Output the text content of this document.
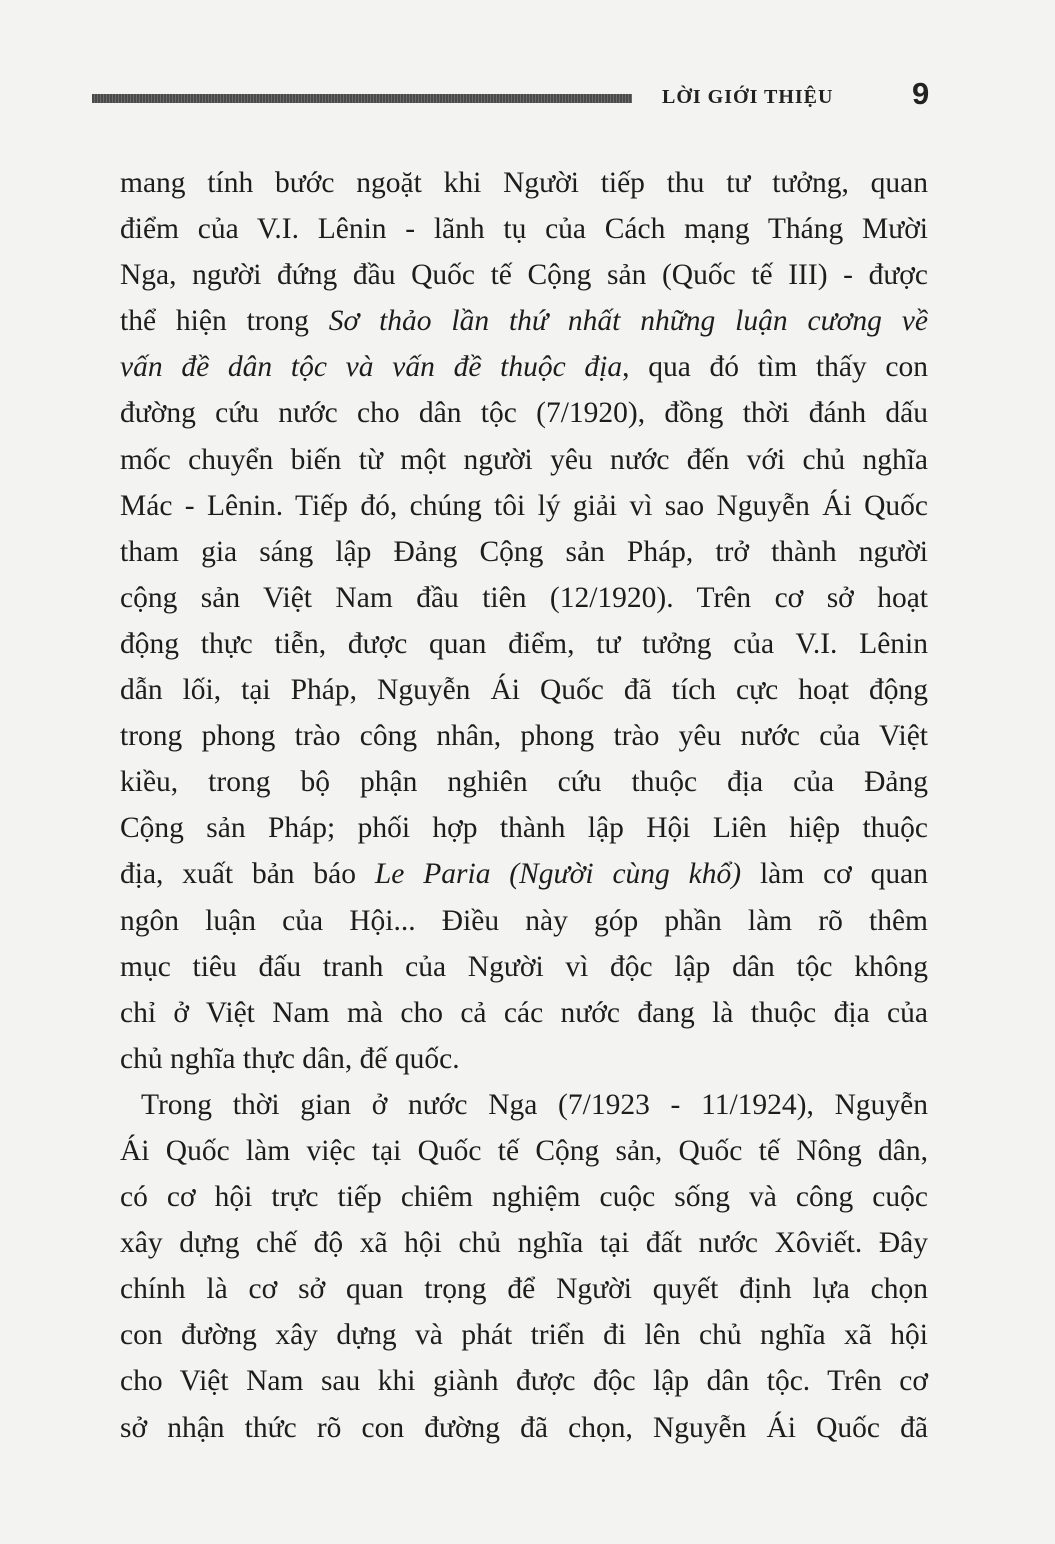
LỜI GIỚI THIỆU	9
mang tính bước ngoặt khi Người tiếp thu tư tưởng, quan
điểm của V.I. Lênin - lãnh tụ của Cách mạng Tháng Mười
Nga, người đứng đầu Quốc tế Cộng sản (Quốc tế III) - được
thể hiện trong Sơ thảo lần thứ nhất những luận cương về
vấn đề dân tộc và vấn đề thuộc địa, qua đó tìm thấy con
đường cứu nước cho dân tộc (7/1920), đồng thời đánh dấu
mốc chuyển biến từ một người yêu nước đến với chủ nghĩa
Mác - Lênin. Tiếp đó, chúng tôi lý giải vì sao Nguyễn Ái Quốc
tham gia sáng lập Đảng Cộng sản Pháp, trở thành người
cộng sản Việt Nam đầu tiên (12/1920). Trên cơ sở hoạt
động thực tiễn, được quan điểm, tư tưởng của V.I. Lênin
dẫn lối, tại Pháp, Nguyễn Ái Quốc đã tích cực hoạt động
trong phong trào công nhân, phong trào yêu nước của Việt
kiều, trong bộ phận nghiên cứu thuộc địa của Đảng
Cộng sản Pháp; phối hợp thành lập Hội Liên hiệp thuộc
địa, xuất bản báo Le Paria (Người cùng khổ) làm cơ quan
ngôn luận của Hội... Điều này góp phần làm rõ thêm
mục tiêu đấu tranh của Người vì độc lập dân tộc không
chỉ ở Việt Nam mà cho cả các nước đang là thuộc địa của
chủ nghĩa thực dân, đế quốc.
Trong thời gian ở nước Nga (7/1923 - 11/1924), Nguyễn
Ái Quốc làm việc tại Quốc tế Cộng sản, Quốc tế Nông dân,
có cơ hội trực tiếp chiêm nghiệm cuộc sống và công cuộc
xây dựng chế độ xã hội chủ nghĩa tại đất nước Xôviết. Đây
chính là cơ sở quan trọng để Người quyết định lựa chọn
con đường xây dựng và phát triển đi lên chủ nghĩa xã hội
cho Việt Nam sau khi giành được độc lập dân tộc. Trên cơ
sở nhận thức rõ con đường đã chọn, Nguyễn Ái Quốc đã
